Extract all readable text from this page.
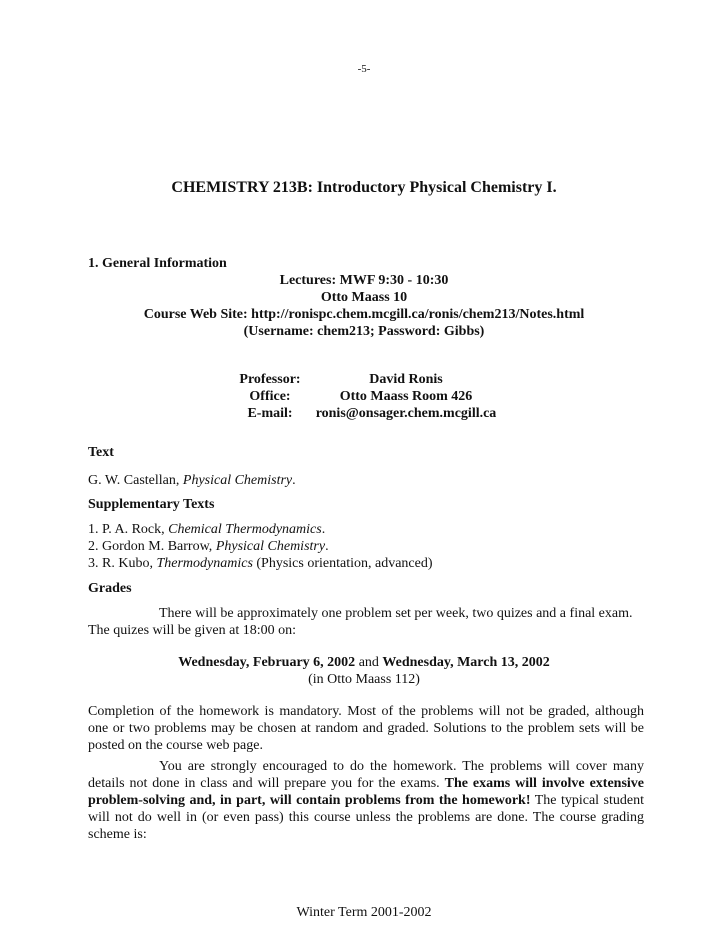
-5-
CHEMISTRY 213B: Introductory Physical Chemistry I.
1. General Information
Lectures: MWF 9:30 - 10:30
Otto Maass 10
Course Web Site: http://ronispc.chem.mcgill.ca/ronis/chem213/Notes.html
(Username: chem213; Password: Gibbs)
Professor:	David Ronis
Office:	Otto Maass Room 426
E-mail:	ronis@onsager.chem.mcgill.ca
Text
G. W. Castellan, Physical Chemistry.
Supplementary Texts
1. P. A. Rock, Chemical Thermodynamics.
2. Gordon M. Barrow, Physical Chemistry.
3. R. Kubo, Thermodynamics (Physics orientation, advanced)
Grades
There will be approximately one problem set per week, two quizes and a final exam.
The quizes will be given at 18:00 on:
Wednesday, February 6, 2002 and Wednesday, March 13, 2002
(in Otto Maass 112)
Completion of the homework is mandatory. Most of the problems will not be graded, although
one or two problems may be chosen at random and graded. Solutions to the problem sets will be
posted on the course web page.
You are strongly encouraged to do the homework. The problems will cover many
details not done in class and will prepare you for the exams. The exams will involve extensive
problem-solving and, in part, will contain problems from the homework! The typical student
will not do well in (or even pass) this course unless the problems are done. The course grading
scheme is:
Winter Term 2001-2002
